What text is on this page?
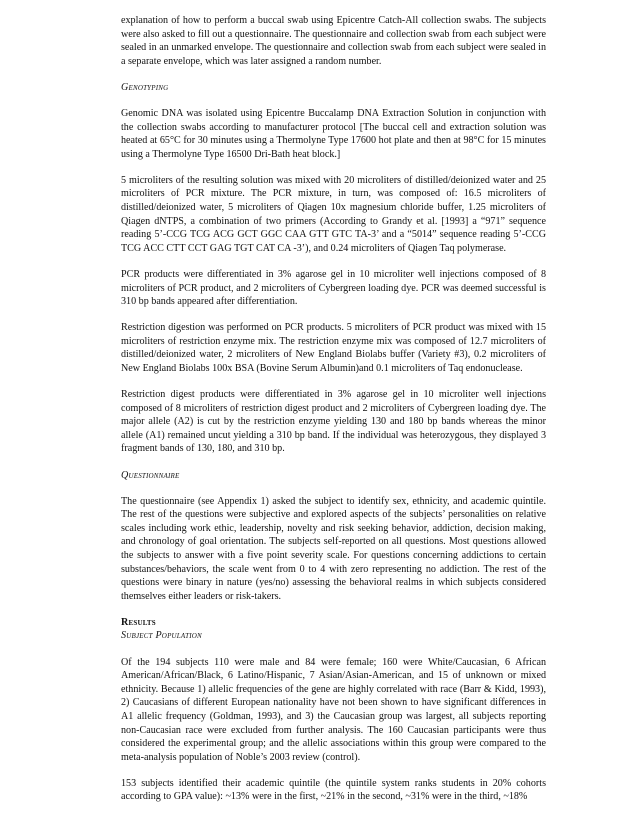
explanation of how to perform a buccal swab using Epicentre Catch-All collection swabs. The subjects were also asked to fill out a questionnaire. The questionnaire and collection swab from each subject were sealed in an unmarked envelope. The questionnaire and collection swab from each subject were sealed in a separate envelope, which was later assigned a random number.

Genotyping

Genomic DNA was isolated using Epicentre Buccalamp DNA Extraction Solution in conjunction with the collection swabs according to manufacturer protocol [The buccal cell and extraction solution was heated at 65°C for 30 minutes using a Thermolyne Type 17600 hot plate and then at 98°C for 15 minutes using a Thermolyne Type 16500 Dri-Bath heat block.]

5 microliters of the resulting solution was mixed with 20 microliters of distilled/deionized water and 25 microliters of PCR mixture. The PCR mixture, in turn, was composed of: 16.5 microliters of distilled/deionized water, 5 microliters of Qiagen 10x magnesium chloride buffer, 1.25 microliters of Qiagen dNTPS, a combination of two primers (According to Grandy et al. [1993] a “971” sequence reading 5’-CCG TCG ACG GCT GGC CAA GTT GTC TA-3’ and a “5014” sequence reading 5’-CCG TCG ACC CTT CCT GAG TGT CAT CA -3’), and 0.24 microliters of Qiagen Taq polymerase.

PCR products were differentiated in 3% agarose gel in 10 microliter well injections composed of 8 microliters of PCR product, and 2 microliters of Cybergreen loading dye. PCR was deemed successful is 310 bp bands appeared after differentiation.

Restriction digestion was performed on PCR products. 5 microliters of PCR product was mixed with 15 microliters of restriction enzyme mix. The restriction enzyme mix was composed of 12.7 microliters of distilled/deionized water, 2 microliters of New England Biolabs buffer (Variety #3), 0.2 microliters of New England Biolabs 100x BSA (Bovine Serum Albumin)and 0.1 microliters of Taq endonuclease.

Restriction digest products were differentiated in 3% agarose gel in 10 microliter well injections composed of 8 microliters of restriction digest product and 2 microliters of Cybergreen loading dye. The major allele (A2) is cut by the restriction enzyme yielding 130 and 180 bp bands whereas the minor allele (A1) remained uncut yielding a 310 bp band. If the individual was heterozygous, they displayed 3 fragment bands of 130, 180, and 310 bp.

Questionnaire

The questionnaire (see Appendix 1) asked the subject to identify sex, ethnicity, and academic quintile. The rest of the questions were subjective and explored aspects of the subjects’ personalities on relative scales including work ethic, leadership, novelty and risk seeking behavior, addiction, decision making, and chronology of goal orientation. The subjects self-reported on all questions. Most questions allowed the subjects to answer with a five point severity scale. For questions concerning addictions to certain substances/behaviors, the scale went from 0 to 4 with zero representing no addiction. The rest of the questions were binary in nature (yes/no) assessing the behavioral realms in which subjects considered themselves either leaders or risk-takers.

Results
Subject Population

Of the 194 subjects 110 were male and 84 were female; 160 were White/Caucasian, 6 African American/African/Black, 6 Latino/Hispanic, 7 Asian/Asian-American, and 15 of unknown or mixed ethnicity. Because 1) allelic frequencies of the gene are highly correlated with race (Barr & Kidd, 1993), 2) Caucasians of different European nationality have not been shown to have significant differences in A1 allelic frequency (Goldman, 1993), and 3) the Caucasian group was largest, all subjects reporting non-Caucasian race were excluded from further analysis. The 160 Caucasian participants were thus considered the experimental group; and the allelic associations within this group were compared to the meta-analysis population of Noble’s 2003 review (control).

153 subjects identified their academic quintile (the quintile system ranks students in 20% cohorts according to GPA value): ~13% were in the first, ~21% in the second, ~31% were in the third, ~18%
